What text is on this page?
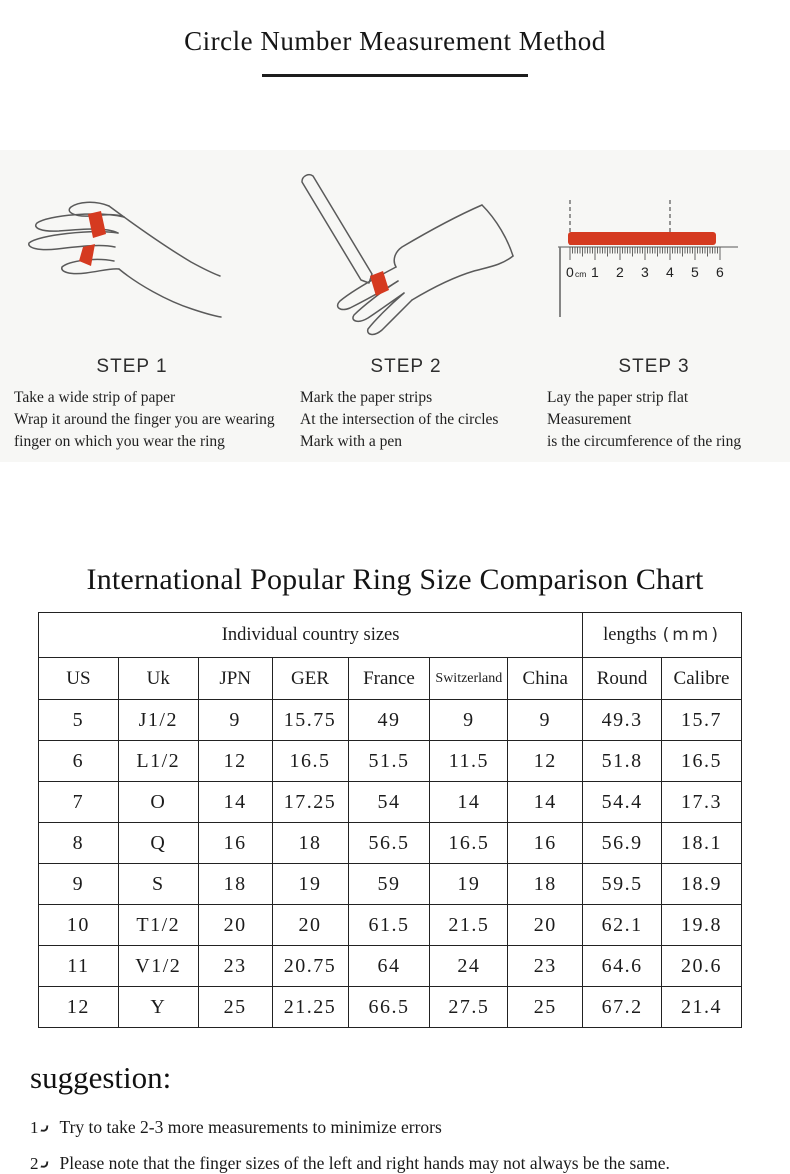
Circle Number Measurement Method
STEP 1
Take a wide strip of paper
Wrap it around the finger you are wearing
finger on which you wear the ring
STEP 2
Mark the paper strips
At the intersection of the circles
Mark with a pen
0 cm 1 2 3 4 5 6
STEP 3
Lay the paper strip flat
Measurement
is the circumference of the ring
International Popular Ring Size Comparison Chart
Individual country sizes							lengths (mm)	
US	Uk	JPN	GER	France	Switzerland	China	Round	Calibre
5	J1/2	9	15.75	49	9	9	49.3	15.7
6	L1/2	12	16.5	51.5	11.5	12	51.8	16.5
7	O	14	17.25	54	14	14	54.4	17.3
8	Q	16	18	56.5	16.5	16	56.9	18.1
9	S	18	19	59	19	18	59.5	18.9
10	T1/2	20	20	61.5	21.5	20	62.1	19.8
11	V1/2	23	20.75	64	24	23	64.6	20.6
12	Y	25	21.25	66.5	27.5	25	67.2	21.4
suggestion:
1 Try to take 2-3 more measurements to minimize errors
2 Please note that the finger sizes of the left and right hands may not always be the same.
